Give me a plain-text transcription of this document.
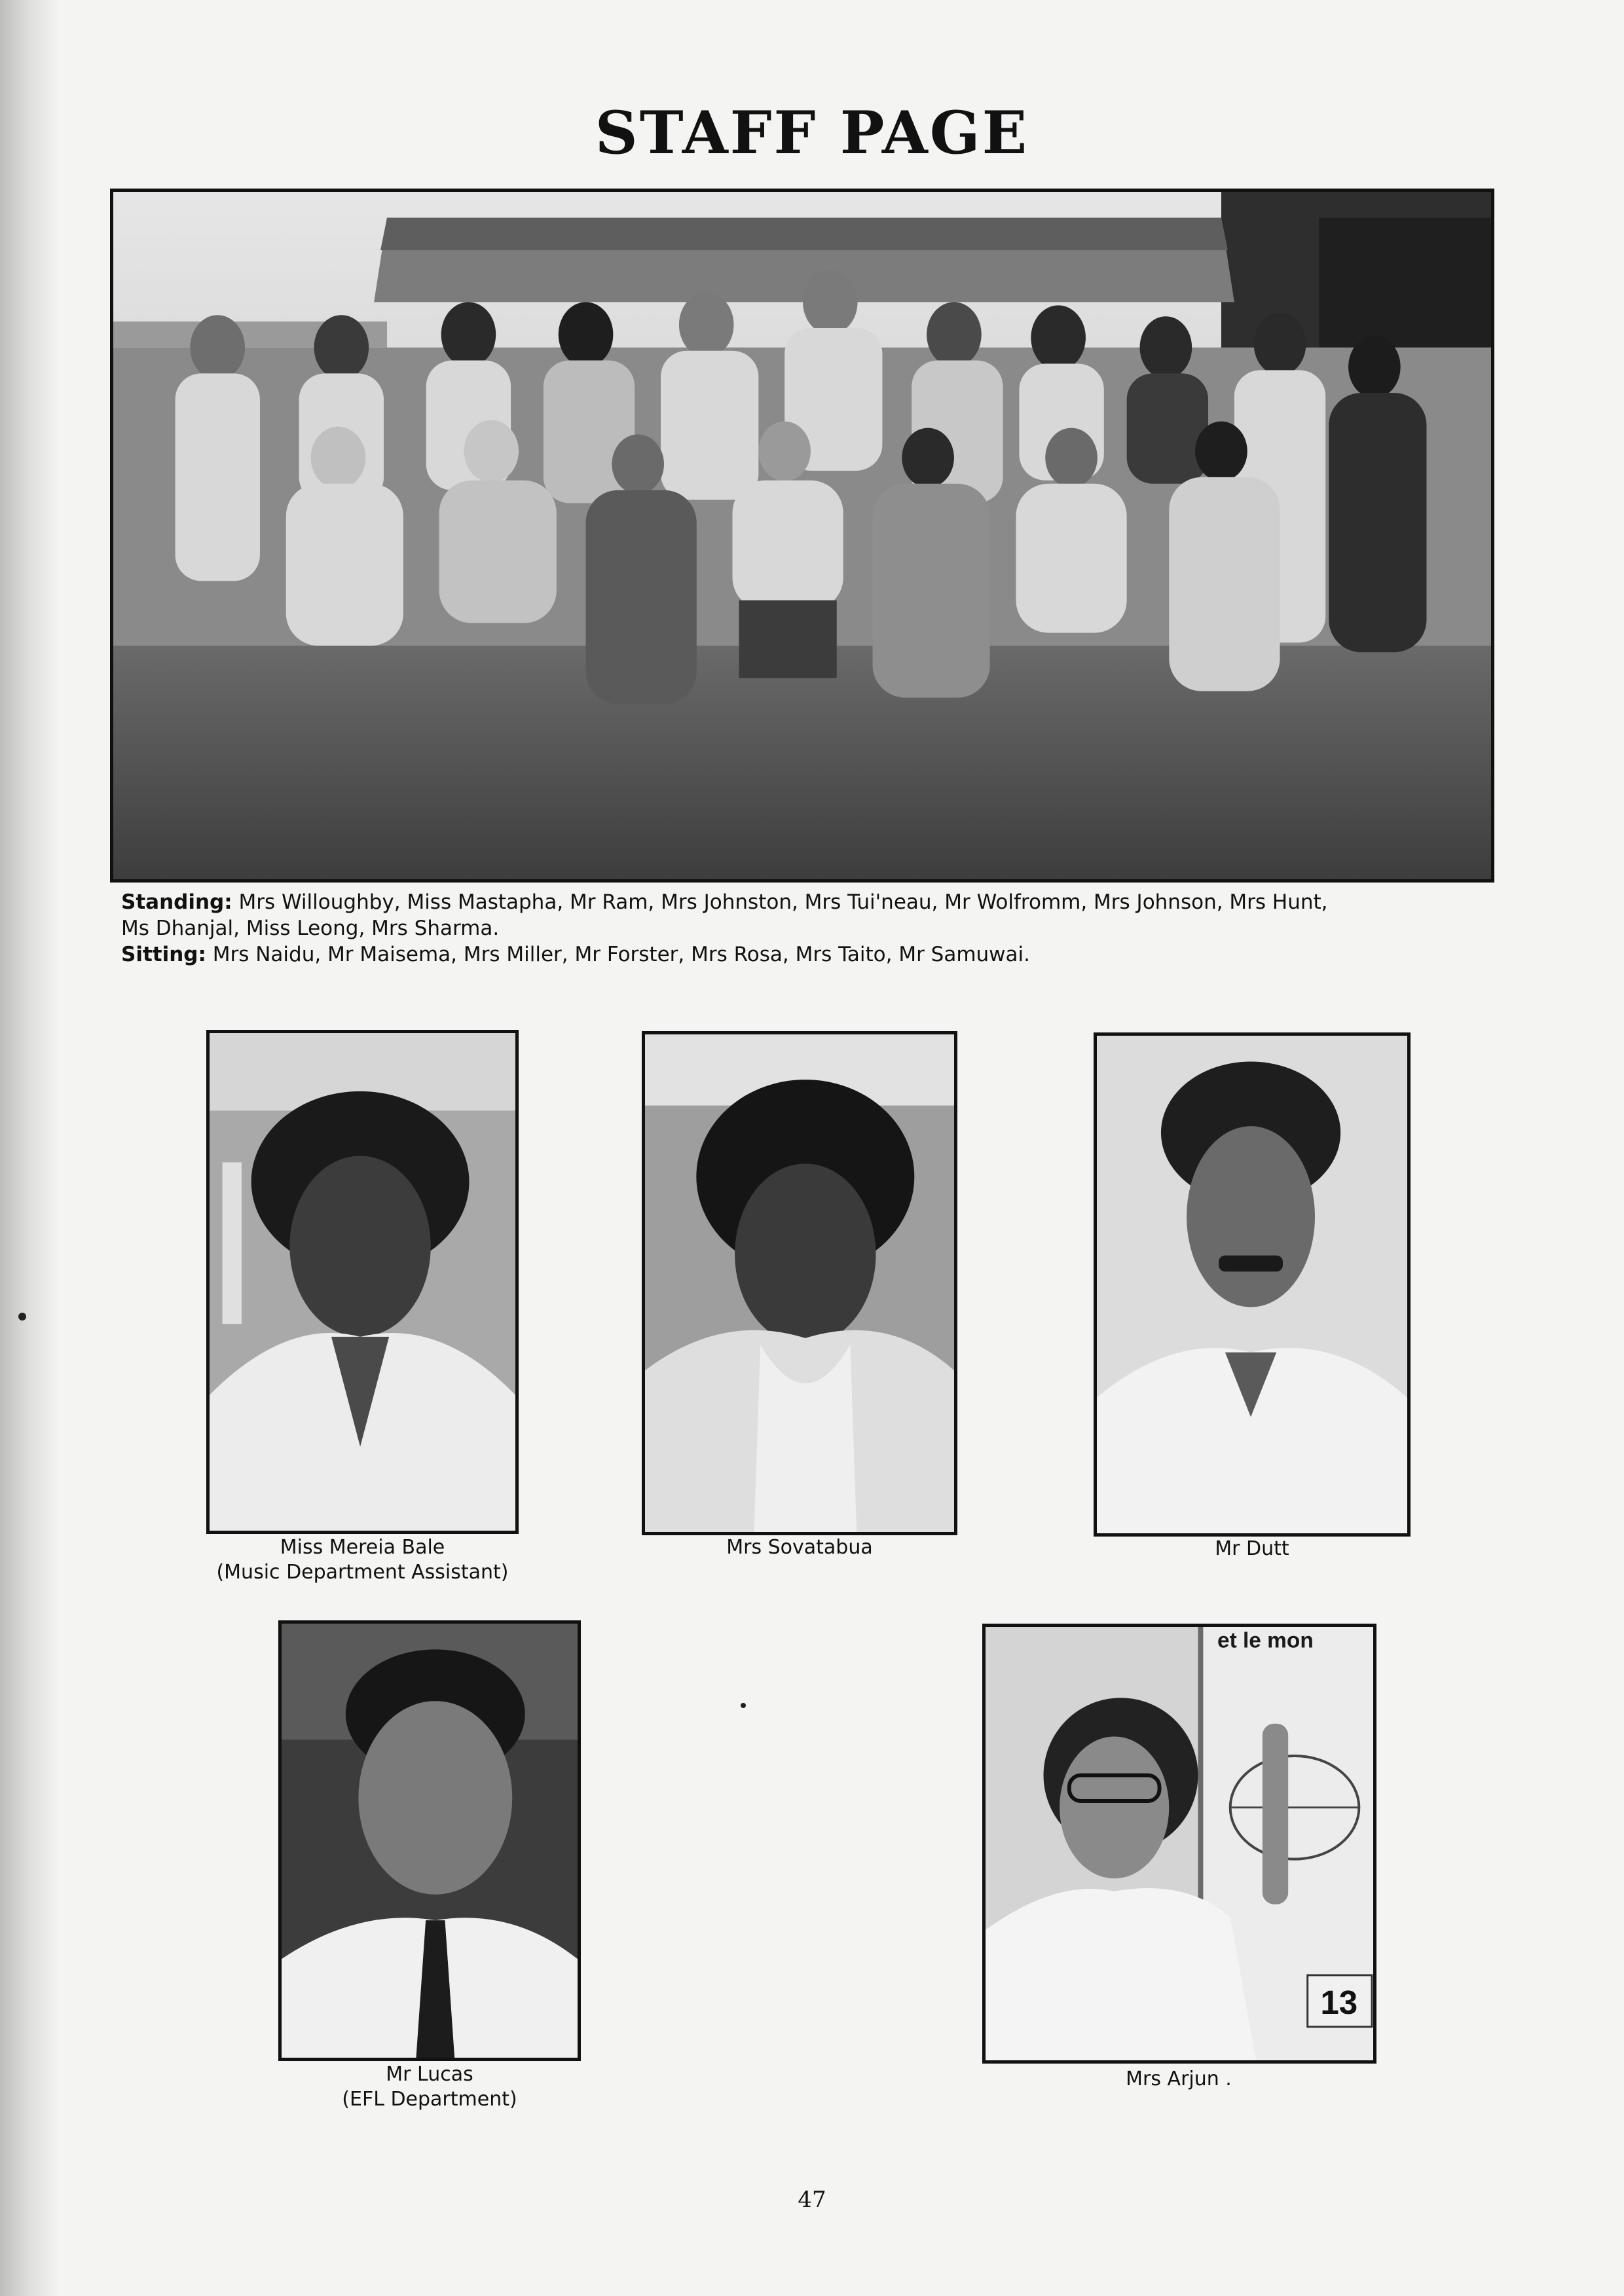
STAFF PAGE
Standing: Mrs Willoughby, Miss Mastapha, Mr Ram, Mrs Johnston, Mrs Tui'neau, Mr Wolfromm, Mrs Johnson, Mrs Hunt,
Ms Dhanjal, Miss Leong, Mrs Sharma.
Sitting: Mrs Naidu, Mr Maisema, Mrs Miller, Mr Forster, Mrs Rosa, Mrs Taito, Mr Samuwai.
Miss Mereia Bale
(Music Department Assistant)
Mrs Sovatabua	Mr Dutt
Mr Lucas
(EFL Department)
et le mon
13
Mrs Arjun .
47
